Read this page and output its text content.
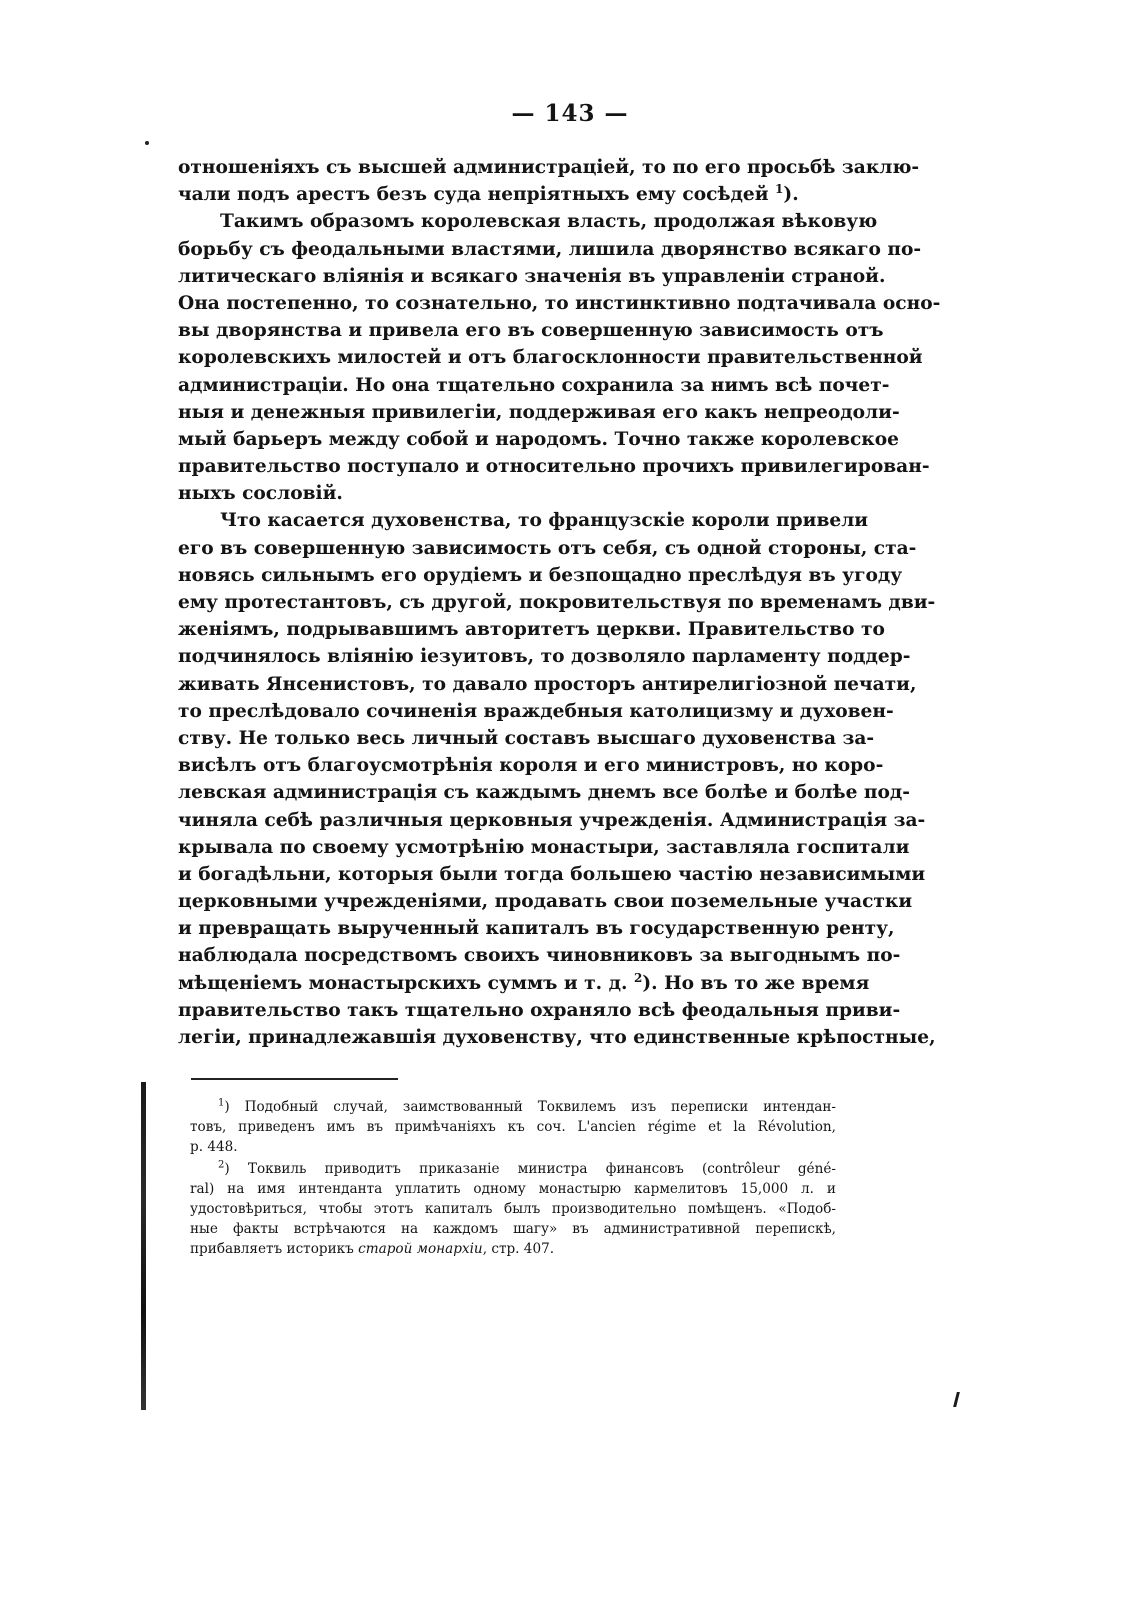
— 143 —
отношеніяхъ съ высшей администраціей, то по его просьбѣ заклю-
чали подъ арестъ безъ суда непріятныхъ ему сосѣдей $^1$).
Такимъ образомъ королевская власть, продолжая вѣковую
борьбу съ феодальными властями, лишила дворянство всякаго по-
литическаго вліянія и всякаго значенія въ управленіи страной.
Она постепенно, то сознательно, то инстинктивно подтачивала осно-
вы дворянства и привела его въ совершенную зависимость отъ
королевскихъ милостей и отъ благосклонности правительственной
администраціи. Но она тщательно сохранила за нимъ всѣ почет-
ныя и денежныя привилегіи, поддерживая его какъ непреодоли-
мый барьеръ между собой и народомъ. Точно также королевское
правительство поступало и относительно прочихъ привилегирован-
ныхъ сословій.
Что касается духовенства, то французскіе короли привели
его въ совершенную зависимость отъ себя, съ одной стороны, ста-
новясь сильнымъ его орудіемъ и безпощадно преслѣдуя въ угоду
ему протестантовъ, съ другой, покровительствуя по временамъ дви-
женіямъ, подрывавшимъ авторитетъ церкви. Правительство то
подчинялось вліянію іезуитовъ, то дозволяло парламенту поддер-
живать Янсенистовъ, то давало просторъ антирелигіозной печати,
то преслѣдовало сочиненія враждебныя католицизму и духовен-
ству. Не только весь личный составъ высшаго духовенства за-
висѣлъ отъ благоусмотрѣнія короля и его министровъ, но коро-
левская администрація съ каждымъ днемъ все болѣе и болѣе под-
чиняла себѣ различныя церковныя учрежденія. Администрація за-
крывала по своему усмотрѣнію монастыри, заставляла госпитали
и богадѣльни, которыя были тогда большею частію независимыми
церковными учрежденіями, продавать свои поземельные участки
и превращать вырученный капиталъ въ государственную ренту,
наблюдала посредствомъ своихъ чиновниковъ за выгоднымъ по-
мѣщеніемъ монастырскихъ суммъ и т. д. $^2$). Но въ то же время
правительство такъ тщательно охраняло всѣ феодальныя приви-
легіи, принадлежавшія духовенству, что единственные крѣпостные,
$^1$) Подобный случай, заимствованный Токвилемъ изъ переписки интендан-
товъ, приведенъ имъ въ примѣчаніяхъ къ соч. L'ancien régime et la Révolution,
p. 448.
$^2$) Токвиль приводитъ приказаніе министра финансовъ (contrôleur géné-
ral) на имя интенданта уплатить одному монастырю кармелитовъ 15,000 л. и
удостовѣриться, чтобы этотъ капиталъ былъ производительно помѣщенъ. «Подоб-
ные факты встрѣчаются на каждомъ шагу» въ административной перепискѣ,
прибавляетъ историкъ старой монархіи, стр. 407.
